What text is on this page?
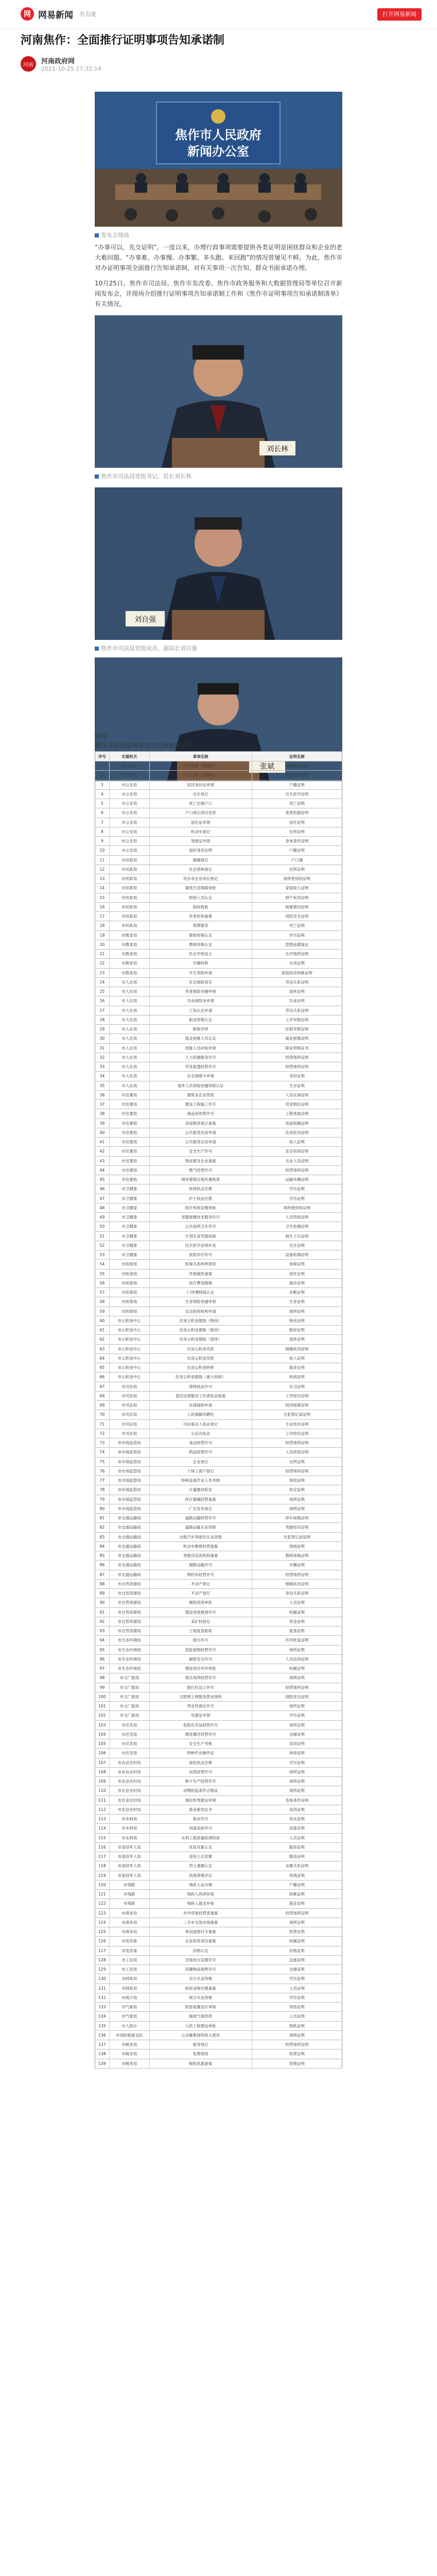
网 网易新闻 有态度	打开网易新闻
河南焦作：全面推行证明事项告知承诺制
河南	河南政府网
2021-10-25 17:32:14
焦作市人民政府
新闻办公室
发布会现场
“办事可以，先交证明”，一度以来，办理行政事项需要提供各类证明是困扰群众和企业的老大难问题。“办事难、办事慢、办事繁、多头跑、来回跑”的情况曾屡见不鲜。为此，焦作市对办证明事项全面推行告知承诺制，对有关事项一次告知，群众书面承诺办理。
10月25日，焦作市司法局、焦作市发改委、焦作市政务服务和大数据管理局等单位召开新闻发布会，并现场介绍推行证明事项告知承诺制工作和《焦作市证明事项告知承诺制清单》有关情况。
刘长林
焦作市司法局党组书记、局长刘长林
刘自强
焦作市司法局党组成员、副局长刘自强
张斌
附件：
焦作市市级证明事项告知承诺制清单
序号	实施机关	事项名称	证明名称
1	市公安局	户口迁移（投靠类）	婚姻关系证明
2	市公安局	户口迁移（投靠类）	亲属关系证明
3	市公安局	居民身份证申领	户籍证明
4	市公安局	出生登记	出生医学证明
5	市公安局	死亡注销户口	死亡证明
6	市公安局	户口登记项目变更	变更依据证明
7	市公安局	居住证申领	居住证明
8	市公安局	机动车登记	住所证明
9	市公安局	驾驶证申领	身体条件证明
10	市公安局	临时身份证明	户籍证明
11	市民政局	婚姻登记	户口簿
12	市民政局	社会团体登记	住所证明
13	市民政局	民办非企业单位登记	场所使用权证明
14	市民政局	最低生活保障审批	家庭收入证明
15	市民政局	特困人员认定	财产状况证明
16	市民政局	临时救助	困难情况证明
17	市民政局	养老机构备案	消防安全证明
18	市民政局	殡葬服务	死亡证明
19	市教育局	教师资格认定	学历证明
20	市教育局	教师资格认定	思想品德鉴定
21	市教育局	民办学校设立	办学场所证明
22	市教育局	学籍转移	在读证明
23	市教育局	学生资助申请	家庭经济困难证明
24	市人社局	社会保险登记	劳动关系证明
25	市人社局	养老保险待遇申领	退休证明
26	市人社局	失业保险金申领	失业证明
27	市人社局	工伤认定申请	劳动关系证明
28	市人社局	职业资格认定	工作年限证明
29	市人社局	职称评审	任职年限证明
30	市人社局	就业困难人员认定	就业困难证明
31	市人社局	技能人员补贴申领	职业资格证书
32	市人社局	人力资源服务许可	经营场所证明
33	市人社局	劳务派遣经营许可	经营场所证明
34	市人社局	社会保障卡申领	身份证明
35	市人社局	退休人员领取待遇资格认证	生存证明
36	市住建局	建筑业企业资质	人员社保证明
37	市住建局	建设工程施工许可	资金到位证明
38	市住建局	商品房预售许可	工程进度证明
39	市住建局	房屋租赁登记备案	房屋权属证明
40	市住建局	公共租赁住房申请	住房状况证明
41	市住建局	公共租赁住房申请	收入证明
42	市住建局	安全生产许可	安全培训证明
43	市住建局	物业服务企业备案	从业人员证明
44	市住建局	燃气经营许可	经营场所证明
45	市住建局	城市建筑垃圾处置核准	运输车辆证明
46	市卫健委	医师执业注册	学历证明
47	市卫健委	护士执业注册	学历证明
48	市卫健委	医疗机构设置审批	场所使用权证明
49	市卫健委	母婴保健技术服务许可	人员资质证明
50	市卫健委	公共场所卫生许可	卫生检测证明
51	市卫健委	计划生育奖励扶助	独生子女证明
52	市卫健委	出生医学证明补发	出生证明
53	市卫健委	放射诊疗许可	设备检测证明
54	市医保局	医保关系转移接续	参保证明
55	市医保局	异地就医备案	居住证明
56	市医保局	医疗费用报销	就诊证明
57	市医保局	门诊慢特病认定	诊断证明
58	市医保局	生育保险待遇申领	生育证明
59	市医保局	定点医药机构申请	场所证明
60	市公积金中心	住房公积金提取（购房）	购房证明
61	市公积金中心	住房公积金提取（租房）	租房证明
62	市公积金中心	住房公积金提取（退休）	退休证明
63	市公积金中心	住房公积金贷款	婚姻状况证明
64	市公积金中心	住房公积金贷款	收入证明
65	市公积金中心	住房公积金转移	就业证明
66	市公积金中心	住房公积金提取（重大疾病）	疾病证明
67	市司法局	律师执业许可	实习证明
68	市司法局	基层法律服务工作者执业核准	工作经历证明
69	市司法局	法律援助申请	经济困难证明
70	市司法局	人民调解员聘任	无犯罪记录证明
71	市司法局	司法鉴定人执业登记	专业技术证明
72	市司法局	公证员执业	工作经历证明
73	市市场监管局	食品经营许可	经营场所证明
74	市市场监管局	药品经营许可	人员资质证明
75	市市场监管局	企业登记	住所证明
76	市市场监管局	个体工商户登记	经营场所证明
77	市市场监管局	特种设备作业人员考核	体检证明
78	市市场监管局	计量器具检定	检定证明
79	市市场监管局	医疗器械经营备案	场所证明
80	市市场监管局	广告发布登记	场所证明
81	市交通运输局	道路运输经营许可	停车场地证明
82	市交通运输局	道路运输从业资格	驾驶经历证明
83	市交通运输局	出租汽车驾驶员从业资格	无犯罪记录证明
84	市交通运输局	机动车维修经营备案	场地证明
85	市交通运输局	驾驶员培训机构备案	教练场地证明
86	市交通运输局	超限运输许可	车辆证明
87	市交通运输局	网约车经营许可	经营场所证明
88	市自然资源局	不动产登记	婚姻状况证明
89	市自然资源局	不动产登记	身份关系证明
90	市自然资源局	测绘资质审批	人员证明
91	市自然资源局	建设用地规划许可	权属证明
92	市自然资源局	采矿权登记	资金证明
93	市自然资源局	土地复垦验收	复垦证明
94	市生态环境局	排污许可	环评批复证明
95	市生态环境局	危险废物经营许可	场所证明
96	市生态环境局	辐射安全许可	人员培训证明
97	市生态环境局	建设项目环评审批	权属证明
98	市文广旅局	娱乐场所经营许可	场所证明
99	市文广旅局	旅行社设立许可	经营场所证明
100	市文广旅局	互联网上网服务营业场所	消防安全证明
101	市文广旅局	营业性演出许可	场所证明
102	市文广旅局	导游证申领	学历证明
103	市应急局	危险化学品经营许可	场所证明
104	市应急局	烟花爆竹经营许可	仓储证明
105	市应急局	安全生产考核	培训证明
106	市应急局	特种作业操作证	体检证明
107	市农业农村局	兽医执业注册	学历证明
108	市农业农村局	农药经营许可	场所证明
109	市农业农村局	种子生产经营许可	场所证明
110	市农业农村局	动物防疫条件合格证	场所证明
111	市农业农村局	拖拉机驾驶证申领	身体条件证明
112	市农业农村局	渔业船员证书	培训证明
113	市水利局	取水许可	用水证明
114	市水利局	河道采砂许可	设备证明
115	市水利局	水利工程质量检测资质	人员证明
116	市退役军人局	优抚对象认定	服役证明
117	市退役军人局	退役士兵安置	服役证明
118	市退役军人局	烈士遗属认定	亲属关系证明
119	市退役军人局	伤残等级评定	伤残证明
120	市残联	残疾人证办理	户籍证明
121	市残联	残疾人两项补贴	困难证明
122	市残联	残疾人就业补贴	就业证明
123	市商务局	对外贸易经营者备案	经营场所证明
124	市商务局	二手车交易市场备案	场所证明
125	市商务局	单用途预付卡备案	经营证明
126	市发改委	企业投资项目备案	权属证明
127	市发改委	价格认定	价格证明
128	市工信局	无线电台设置许可	设备证明
129	市工信局	民爆物品销售许可	仓储证明
130	市财政局	会计从业资格	学历证明
131	市财政局	政府采购代理备案	人员证明
132	市统计局	统计从业资格	学历证明
133	市气象局	防雷装置设计审核	资质证明
134	市气象局	施放气球资质	人员证明
135	市人防办	人防工程建设审批	图纸证明
136	市消防救援支队	公众聚集场所投入使用	场所证明
137	市税务局	税务登记	经营场所证明
138	市税务局	发票领用	经营证明
139	市税务局	税收优惠备案	资格证明
